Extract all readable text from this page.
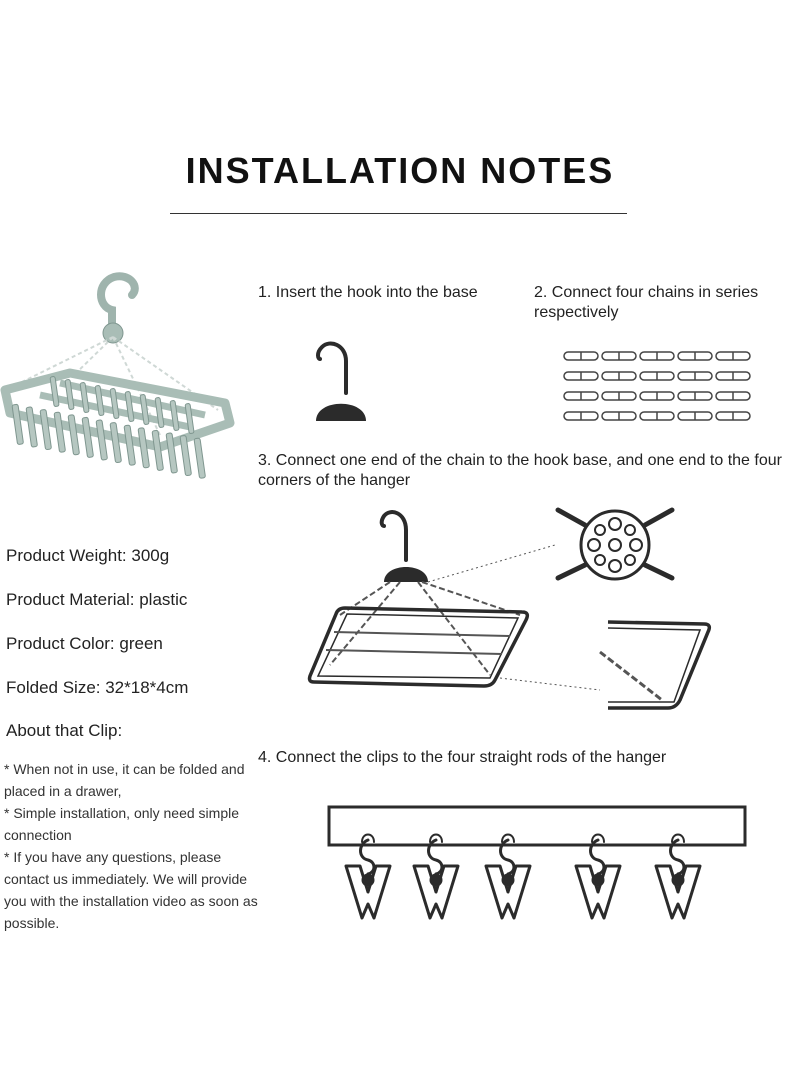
INSTALLATION NOTES
1. Insert the hook into the base	2. Connect four chains in series respectively
3. Connect one end of the chain to the hook base, and one end to the four corners of the hanger
Product Weight: 300g
Product Material: plastic
Product Color: green
Folded Size: 32*18*4cm
About that Clip:
* When not in use, it can be folded and placed in a drawer,
* Simple installation, only need simple connection
* If you have any questions, please contact us immediately. We will provide you with the installation video as soon as possible.
4. Connect the clips to the four straight rods of the hanger
